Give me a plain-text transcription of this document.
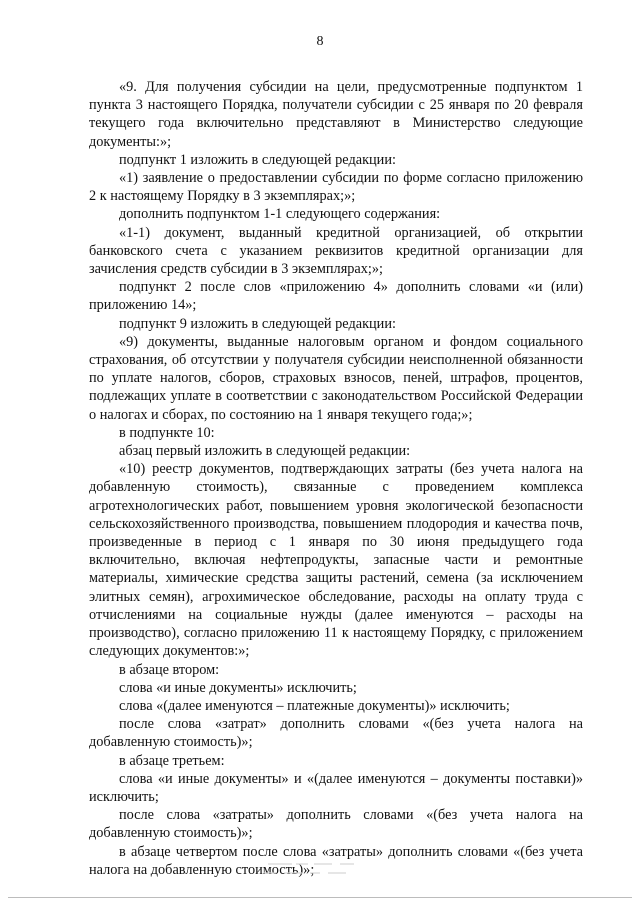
8

«9. Для получения субсидии на цели, предусмотренные подпунктом 1 пункта 3 настоящего Порядка, получатели субсидии с 25 января по 20 февраля текущего года включительно представляют в Министерство следующие документы:»;

подпункт 1 изложить в следующей редакции:

«1) заявление о предоставлении субсидии по форме согласно приложению 2 к настоящему Порядку в 3 экземплярах;»;

дополнить подпунктом 1-1 следующего содержания:

«1-1) документ, выданный кредитной организацией, об открытии банковского счета с указанием реквизитов кредитной организации для зачисления средств субсидии в 3 экземплярах;»;

подпункт 2 после слов «приложению 4» дополнить словами «и (или) приложению 14»;

подпункт 9 изложить в следующей редакции:

«9) документы, выданные налоговым органом и фондом социального страхования, об отсутствии у получателя субсидии неисполненной обязанности по уплате налогов, сборов, страховых взносов, пеней, штрафов, процентов, подлежащих уплате в соответствии с законодательством Российской Федерации о налогах и сборах, по состоянию на 1 января текущего года;»;

в подпункте 10:

абзац первый изложить в следующей редакции:

«10) реестр документов, подтверждающих затраты (без учета налога на добавленную стоимость), связанные с проведением комплекса агротехнологических работ, повышением уровня экологической безопасности сельскохозяйственного производства, повышением плодородия и качества почв, произведенные в период с 1 января по 30 июня предыдущего года включительно, включая нефтепродукты, запасные части и ремонтные материалы, химические средства защиты растений, семена (за исключением элитных семян), агрохимическое обследование, расходы на оплату труда с отчислениями на социальные нужды (далее именуются – расходы на производство), согласно приложению 11 к настоящему Порядку, с приложением следующих документов:»;

в абзаце втором:

слова «и иные документы» исключить;

слова «(далее именуются – платежные документы)» исключить;

после слова «затрат» дополнить словами «(без учета налога на добавленную стоимость)»;

в абзаце третьем:

слова «и иные документы» и «(далее именуются – документы поставки)» исключить;

после слова «затраты» дополнить словами «(без учета налога на добавленную стоимость)»;

в абзаце четвертом после слова «затраты» дополнить словами «(без учета налога на добавленную стоимость)»;
